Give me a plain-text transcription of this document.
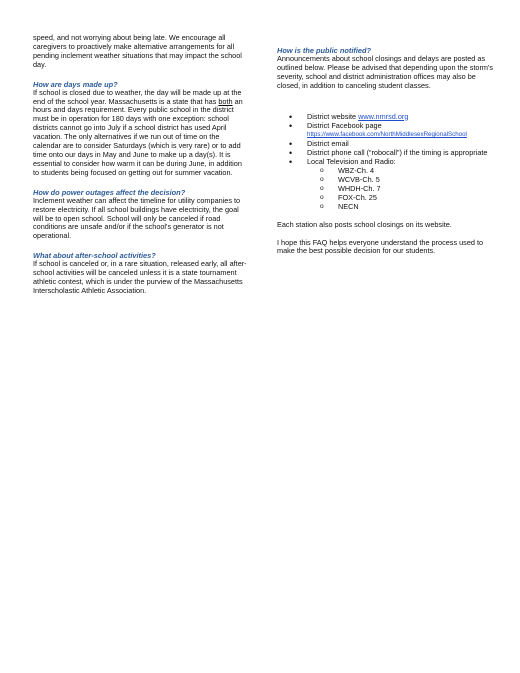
speed, and not worrying about being late. We encourage all caregivers to proactively make alternative arrangements for all pending inclement weather situations that may impact the school day.

How are days made up?

If school is closed due to weather, the day will be made up at the end of the school year. Massachusetts is a state that has both an hours and days requirement. Every public school in the district must be in operation for 180 days with one exception: school districts cannot go into July if a school district has used April vacation. The only alternatives if we run out of time on the calendar are to consider Saturdays (which is very rare) or to add time onto our days in May and June to make up a day(s). It is essential to consider how warm it can be during June, in addition to students being focused on getting out for summer vacation.

How do power outages affect the decision?

Inclement weather can affect the timeline for utility companies to restore electricity. If all school buildings have electricity, the goal will be to open school. School will only be canceled if road conditions are unsafe and/or if the school's generator is not operational.

What about after-school activities?

If school is canceled or, in a rare situation, released early, all after-school activities will be canceled unless it is a state tournament athletic contest, which is under the purview of the Massachusetts Interscholastic Athletic Association.

How is the public notified?

Announcements about school closings and delays are posted as outlined below. Please be advised that depending upon the storm's severity, school and district administration offices may also be closed, in addition to canceling student classes.

• District website www.nmrsd.org
• District Facebook page
https://www.facebook.com/NorthMiddlesexRegionalSchool
• District email
• District phone call (“robocall”) if the timing is appropriate
• Local Television and Radio:
o WBZ-Ch. 4
o WCVB-Ch. 5
o WHDH-Ch. 7
o FOX-Ch. 25
o NECN

Each station also posts school closings on its website.

I hope this FAQ helps everyone understand the process used to make the best possible decision for our students.
